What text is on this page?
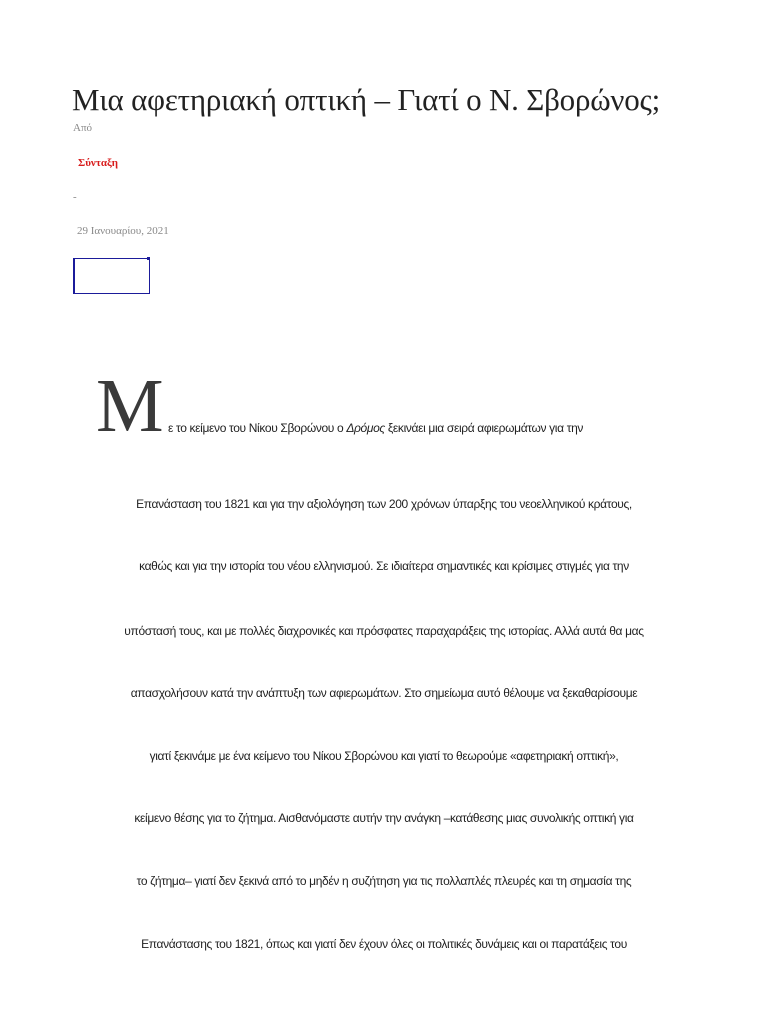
Μια αφετηριακή οπτική – Γιατί ο Ν. Σβορώνος;
Από
Σύνταξη
-
29 Ιανουαρίου, 2021
Μ ε το κείμενο του Νίκου Σβορώνου ο Δρόμος ξεκινάει μια σειρά αφιερωμάτων για την
Επανάσταση του 1821 και για την αξιολόγηση των 200 χρόνων ύπαρξης του νεοελληνικού κράτους,
καθώς και για την ιστορία του νέου ελληνισμού. Σε ιδιαίτερα σημαντικές και κρίσιμες στιγμές για την
υπόστασή τους, και με πολλές διαχρονικές και πρόσφατες παραχαράξεις της ιστορίας. Αλλά αυτά θα μας
απασχολήσουν κατά την ανάπτυξη των αφιερωμάτων. Στο σημείωμα αυτό θέλουμε να ξεκαθαρίσουμε
γιατί ξεκινάμε με ένα κείμενο του Νίκου Σβορώνου και γιατί το θεωρούμε «αφετηριακή οπτική»,
κείμενο θέσης για το ζήτημα. Αισθανόμαστε αυτήν την ανάγκη –κατάθεσης μιας συνολικής οπτική για
το ζήτημα– γιατί δεν ξεκινά από το μηδέν η συζήτηση για τις πολλαπλές πλευρές και τη σημασία της
Επανάστασης του 1821, όπως και γιατί δεν έχουν όλες οι πολιτικές δυνάμεις και οι παρατάξεις του
